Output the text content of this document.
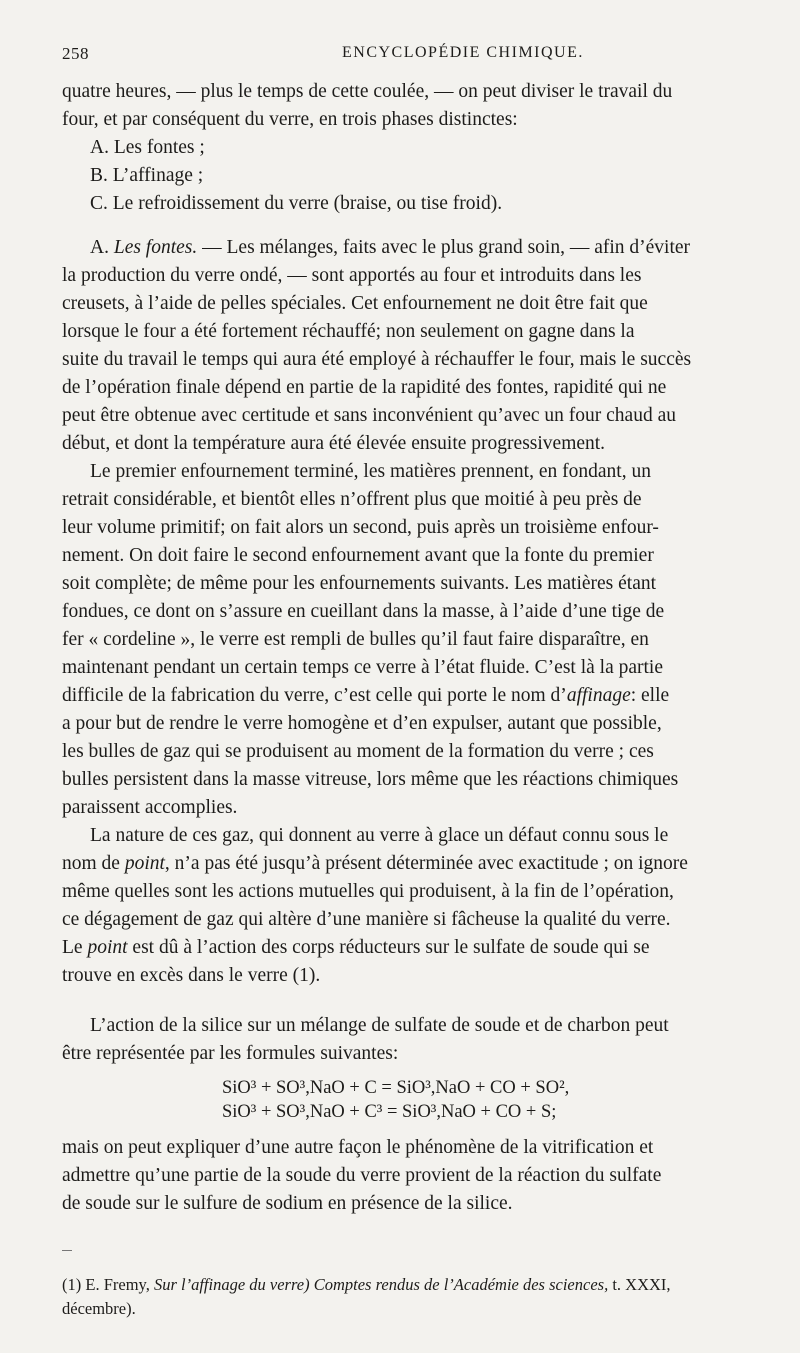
258	ENCYCLOPÉDIE CHIMIQUE.

quatre heures, — plus le temps de cette coulée, — on peut diviser le travail du
four, et par conséquent du verre, en trois phases distinctes:

A. Les fontes ;
B. L’affinage ;
C. Le refroidissement du verre (braise, ou tise froid).

A. Les fontes. — Les mélanges, faits avec le plus grand soin, — afin d’éviter
la production du verre ondé, — sont apportés au four et introduits dans les
creusets, à l’aide de pelles spéciales. Cet enfournement ne doit être fait que
lorsque le four a été fortement réchauffé; non seulement on gagne dans la
suite du travail le temps qui aura été employé à réchauffer le four, mais le succès
de l’opération finale dépend en partie de la rapidité des fontes, rapidité qui ne
peut être obtenue avec certitude et sans inconvénient qu’avec un four chaud au
début, et dont la température aura été élevée ensuite progressivement.

Le premier enfournement terminé, les matières prennent, en fondant, un
retrait considérable, et bientôt elles n’offrent plus que moitié à peu près de
leur volume primitif; on fait alors un second, puis après un troisième enfour-
nement. On doit faire le second enfournement avant que la fonte du premier
soit complète; de même pour les enfournements suivants. Les matières étant
fondues, ce dont on s’assure en cueillant dans la masse, à l’aide d’une tige de
fer « cordeline », le verre est rempli de bulles qu’il faut faire disparaître, en
maintenant pendant un certain temps ce verre à l’état fluide. C’est là la partie
difficile de la fabrication du verre, c’est celle qui porte le nom d’affinage: elle
a pour but de rendre le verre homogène et d’en expulser, autant que possible,
les bulles de gaz qui se produisent au moment de la formation du verre ; ces
bulles persistent dans la masse vitreuse, lors même que les réactions chimiques
paraissent accomplies.

La nature de ces gaz, qui donnent au verre à glace un défaut connu sous le
nom de point, n’a pas été jusqu’à présent déterminée avec exactitude ; on ignore
même quelles sont les actions mutuelles qui produisent, à la fin de l’opération,
ce dégagement de gaz qui altère d’une manière si fâcheuse la qualité du verre.
Le point est dû à l’action des corps réducteurs sur le sulfate de soude qui se
trouve en excès dans le verre (1).

L’action de la silice sur un mélange de sulfate de soude et de charbon peut
être représentée par les formules suivantes:

SiO³ + SO³,NaO + C = SiO³,NaO + CO + SO²,
SiO³ + SO³,NaO + C³ = SiO³,NaO + CO + S;

mais on peut expliquer d’une autre façon le phénomène de la vitrification et
admettre qu’une partie de la soude du verre provient de la réaction du sulfate
de soude sur le sulfure de sodium en présence de la silice.

(1) E. Fremy, Sur l’affinage du verre) Comptes rendus de l’Académie des sciences, t. XXXI,
décembre).
